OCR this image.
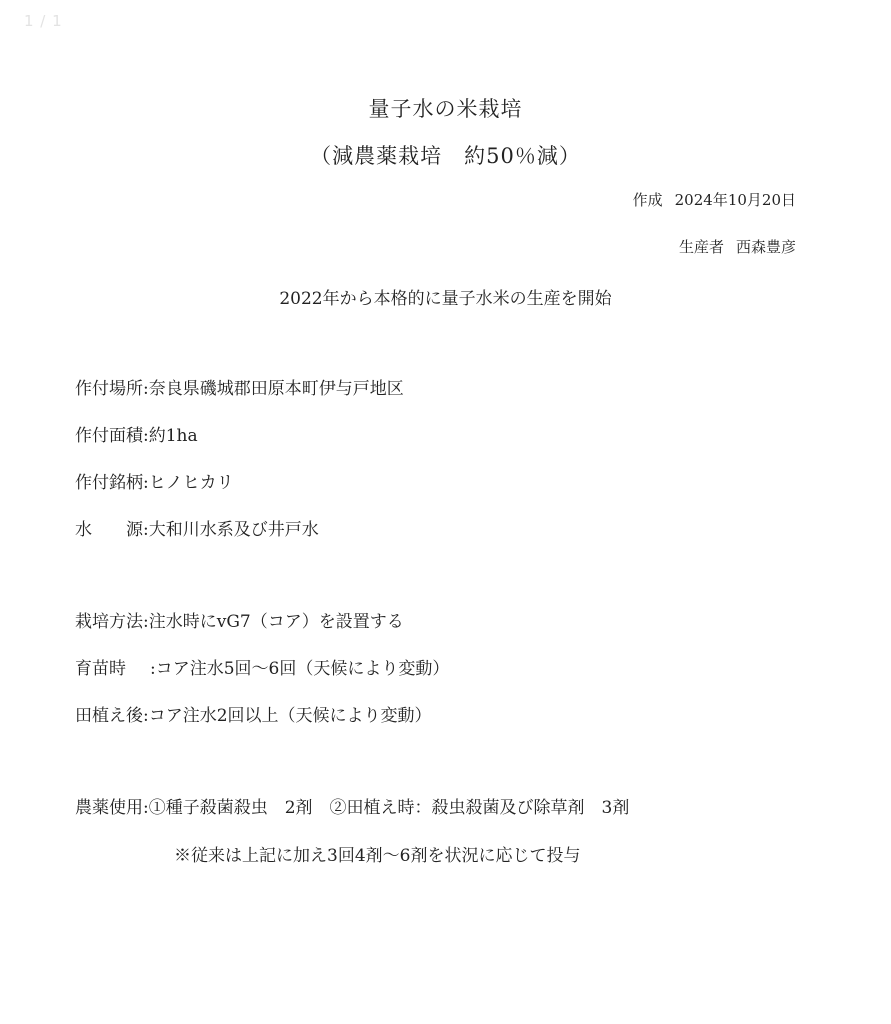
1 / 1
量子水の米栽培
（減農薬栽培　約50％減）
作成 2024年10月20日
生産者 西森豊彦
2022年から本格的に量子水米の生産を開始
作付場所:奈良県磯城郡田原本町伊与戸地区
作付面積:約1ha
作付銘柄:ヒノヒカリ
水　　源:大和川水系及び井戸水
栽培方法:注水時にvG7（コア）を設置する
育苗時 :コア注水5回～6回（天候により変動）
田植え後:コア注水2回以上（天候により変動）
農薬使用:①種子殺菌殺虫　2剤　②田植え時：殺虫殺菌及び除草剤　3剤
※従来は上記に加え3回4剤～6剤を状況に応じて投与
